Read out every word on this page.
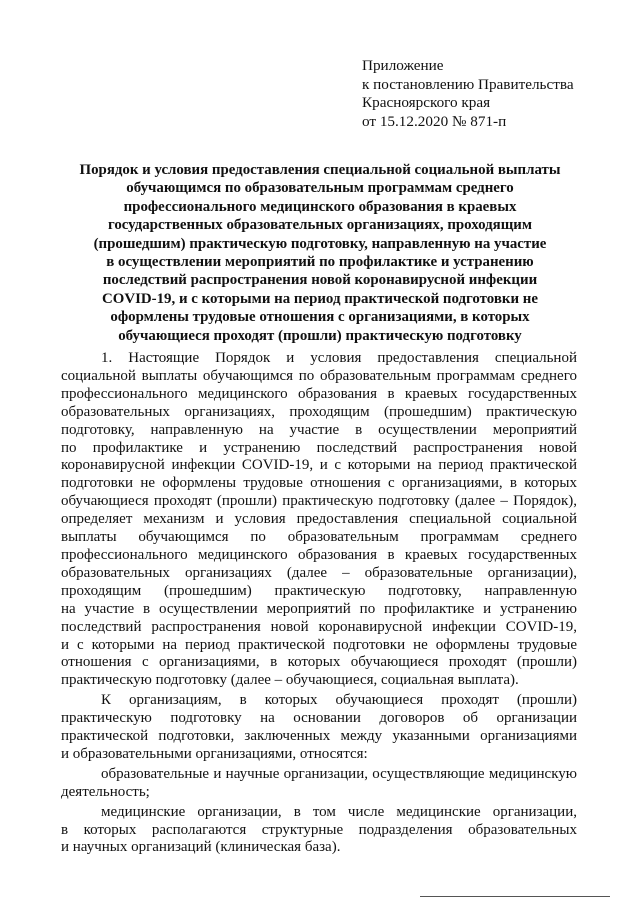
Приложение
к постановлению Правительства
Красноярского края
от 15.12.2020 № 871-п
Порядок и условия предоставления специальной социальной выплаты
обучающимся по образовательным программам среднего
профессионального медицинского образования в краевых
государственных образовательных организациях, проходящим
(прошедшим) практическую подготовку, направленную на участие
в осуществлении мероприятий по профилактике и устранению
последствий распространения новой коронавирусной инфекции
COVID-19, и с которыми на период практической подготовки не
оформлены трудовые отношения с организациями, в которых
обучающиеся проходят (прошли) практическую подготовку
1. Настоящие Порядок и условия предоставления специальной
социальной выплаты обучающимся по образовательным программам среднего
профессионального медицинского образования в краевых государственных
образовательных организациях, проходящим (прошедшим) практическую
подготовку, направленную на участие в осуществлении мероприятий
по профилактике и устранению последствий распространения новой
коронавирусной инфекции COVID-19, и с которыми на период практической
подготовки не оформлены трудовые отношения с организациями, в которых
обучающиеся проходят (прошли) практическую подготовку (далее – Порядок),
определяет механизм и условия предоставления специальной социальной
выплаты обучающимся по образовательным программам среднего
профессионального медицинского образования в краевых государственных
образовательных организациях (далее – образовательные организации),
проходящим (прошедшим) практическую подготовку, направленную
на участие в осуществлении мероприятий по профилактике и устранению
последствий распространения новой коронавирусной инфекции COVID-19,
и с которыми на период практической подготовки не оформлены трудовые
отношения с организациями, в которых обучающиеся проходят (прошли)
практическую подготовку (далее – обучающиеся, социальная выплата).
К организациям, в которых обучающиеся проходят (прошли)
практическую подготовку на основании договоров об организации
практической подготовки, заключенных между указанными организациями
и образовательными организациями, относятся:
образовательные и научные организации, осуществляющие медицинскую
деятельность;
медицинские организации, в том числе медицинские организации,
в которых располагаются структурные подразделения образовательных
и научных организаций (клиническая база).
